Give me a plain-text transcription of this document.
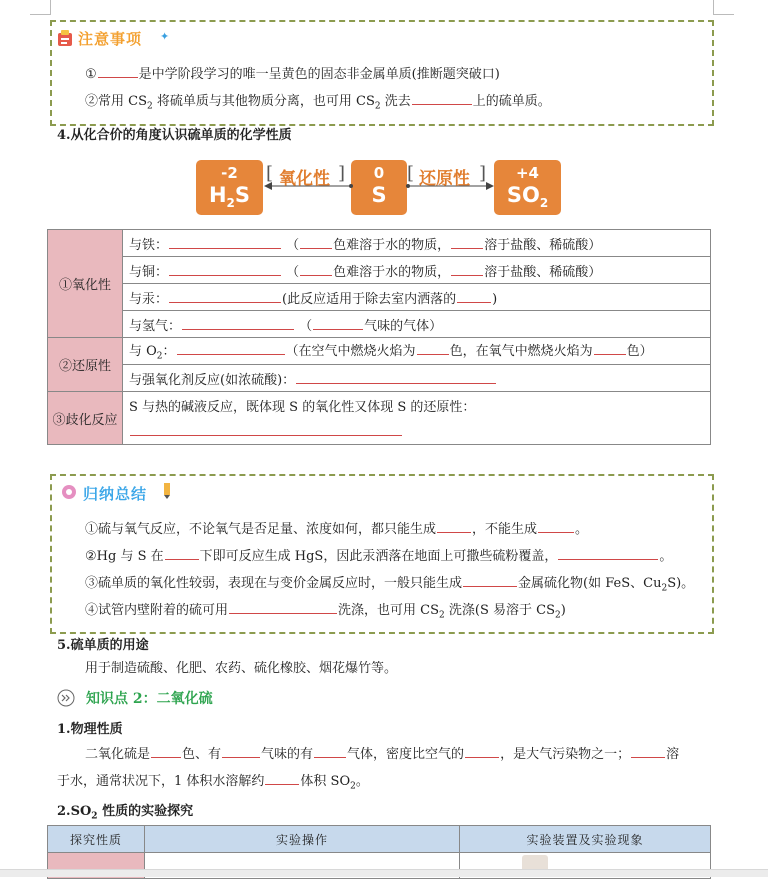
注意事项 ✦
①	是中学阶段学习的唯一呈黄色的固态非金属单质(推断题突破口)
②常用 $CS_2$ 将硫单质与其他物质分离，也可用 $CS_2$ 洗去	上的硫单质。
4.从化合价的角度认识硫单质的化学性质
-2
$H_2S$
0
S
+4
$SO_2$
[ 氧化性 ]	[ 还原性 ]
①氧化性	与铁： （ 色难溶于水的物质， 溶于盐酸、稀硫酸）
	与铜： （ 色难溶于水的物质， 溶于盐酸、稀硫酸）
	与汞： (此反应适用于除去室内洒落的 )
	与氢气： （ 气味的气体）
②还原性	与 $O_2$： （在空气中燃烧火焰为 色，在氧气中燃烧火焰为 色）
	与强氧化剂反应(如浓硫酸)：
③歧化反应	S 与热的碱液反应，既体现 S 的氧化性又体现 S 的还原性：
归纳总结
①硫与氧气反应，不论氧气是否足量、浓度如何，都只能生成	，不能生成	。
②Hg 与 S 在	下即可反应生成 HgS，因此汞洒落在地面上可撒些硫粉覆盖，	。
③硫单质的氧化性较弱，表现在与变价金属反应时，一般只能生成	金属硫化物(如 FeS、$Cu_2S$)。
④试管内壁附着的硫可用	洗涤，也可用 $CS_2$ 洗涤(S 易溶于 $CS_2$)
5.硫单质的用途
用于制造硫酸、化肥、农药、硫化橡胶、烟花爆竹等。
知识点 2：二氧化硫
1.物理性质
二氧化硫是 色、有	气味的有	气体，密度比空气的	，是大气污染物之一；	溶
于水，通常状况下，1 体积水溶解约	体积 $SO_2$。
$2.SO_2$ 性质的实验探究
探究性质	实验操作	实验装置及实验现象
